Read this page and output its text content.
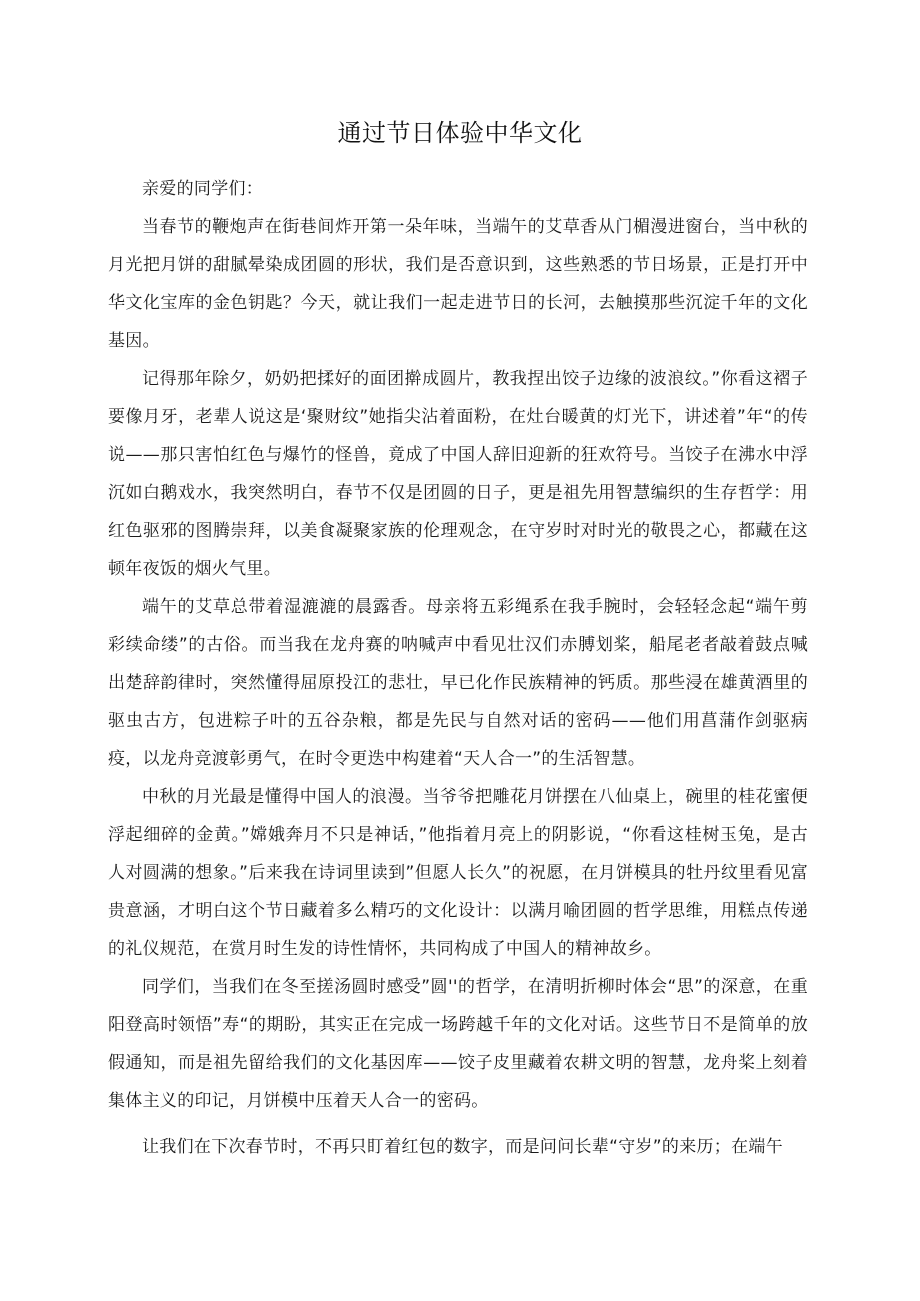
通过节日体验中华文化

亲爱的同学们：

当春节的鞭炮声在街巷间炸开第一朵年味，当端午的艾草香从门楣漫进窗台，当中秋的月光把月饼的甜腻晕染成团圆的形状，我们是否意识到，这些熟悉的节日场景，正是打开中华文化宝库的金色钥匙？今天，就让我们一起走进节日的长河，去触摸那些沉淀千年的文化基因。

记得那年除夕，奶奶把揉好的面团擀成圆片，教我捏出饺子边缘的波浪纹。”你看这褶子要像月牙，老辈人说这是‘聚财纹”她指尖沾着面粉，在灶台暖黄的灯光下，讲述着”年“的传说——那只害怕红色与爆竹的怪兽，竟成了中国人辞旧迎新的狂欢符号。当饺子在沸水中浮沉如白鹅戏水，我突然明白，春节不仅是团圆的日子，更是祖先用智慧编织的生存哲学：用红色驱邪的图腾崇拜，以美食凝聚家族的伦理观念，在守岁时对时光的敬畏之心，都藏在这顿年夜饭的烟火气里。

端午的艾草总带着湿漉漉的晨露香。母亲将五彩绳系在我手腕时，会轻轻念起“端午剪彩续命缕”的古俗。而当我在龙舟赛的呐喊声中看见壮汉们赤膊划桨，船尾老者敲着鼓点喊出楚辞韵律时，突然懂得屈原投江的悲壮，早已化作民族精神的钙质。那些浸在雄黄酒里的驱虫古方，包进粽子叶的五谷杂粮，都是先民与自然对话的密码——他们用菖蒲作剑驱病疫，以龙舟竞渡彰勇气，在时令更迭中构建着“天人合一”的生活智慧。

中秋的月光最是懂得中国人的浪漫。当爷爷把雕花月饼摆在八仙桌上，碗里的桂花蜜便浮起细碎的金黄。”嫦娥奔月不只是神话，”他指着月亮上的阴影说，“你看这桂树玉兔，是古人对圆满的想象。”后来我在诗词里读到”但愿人长久”的祝愿，在月饼模具的牡丹纹里看见富贵意涵，才明白这个节日藏着多么精巧的文化设计：以满月喻团圆的哲学思维，用糕点传递的礼仪规范，在赏月时生发的诗性情怀，共同构成了中国人的精神故乡。

同学们，当我们在冬至搓汤圆时感受”圆''的哲学，在清明折柳时体会“思”的深意，在重阳登高时领悟”寿“的期盼，其实正在完成一场跨越千年的文化对话。这些节日不是简单的放假通知，而是祖先留给我们的文化基因库——饺子皮里藏着农耕文明的智慧，龙舟桨上刻着集体主义的印记，月饼模中压着天人合一的密码。

让我们在下次春节时，不再只盯着红包的数字，而是问问长辈“守岁”的来历；在端午
